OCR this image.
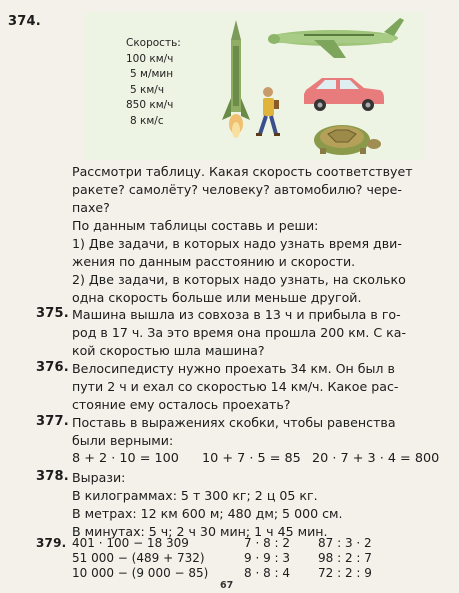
374.
Скорость:
100 км/ч
5 м/мин
5 км/ч
850 км/ч
8 км/с
Рассмотри таблицу. Какая скорость соответствует
ракете? самолёту? человеку? автомобилю? чере-
пахе?
По данным таблицы составь и реши:
1) Две задачи, в которых надо узнать время дви-
жения по данным расстоянию и скорости.
2) Две задачи, в которых надо узнать, на сколько
одна скорость больше или меньше другой.
375. Машина вышла из совхоза в 13 ч и прибыла в го-
род в 17 ч. За это время она прошла 200 км. С ка-
кой скоростью шла машина?
376. Велосипедисту нужно проехать 34 км. Он был в
пути 2 ч и ехал со скоростью 14 км/ч. Какое рас-
стояние ему осталось проехать?
377. Поставь в выражениях скобки, чтобы равенства
были верными:
8 + 2 · 10 = 100 10 + 7 · 5 = 85 20 · 7 + 3 · 4 = 800
378. Вырази:
В килограммах: 5 т 300 кг; 2 ц 05 кг.
В метрах: 12 км 600 м; 480 дм; 5 000 см.
В минутах: 5 ч; 2 ч 30 мин; 1 ч 45 мин.
379. 401 · 100 − 18 309
51 000 − (489 + 732)
10 000 − (9 000 − 85)
7 · 8 : 2
9 · 9 : 3
8 · 8 : 4
87 : 3 · 2
98 : 2 : 7
72 : 2 : 9
67
